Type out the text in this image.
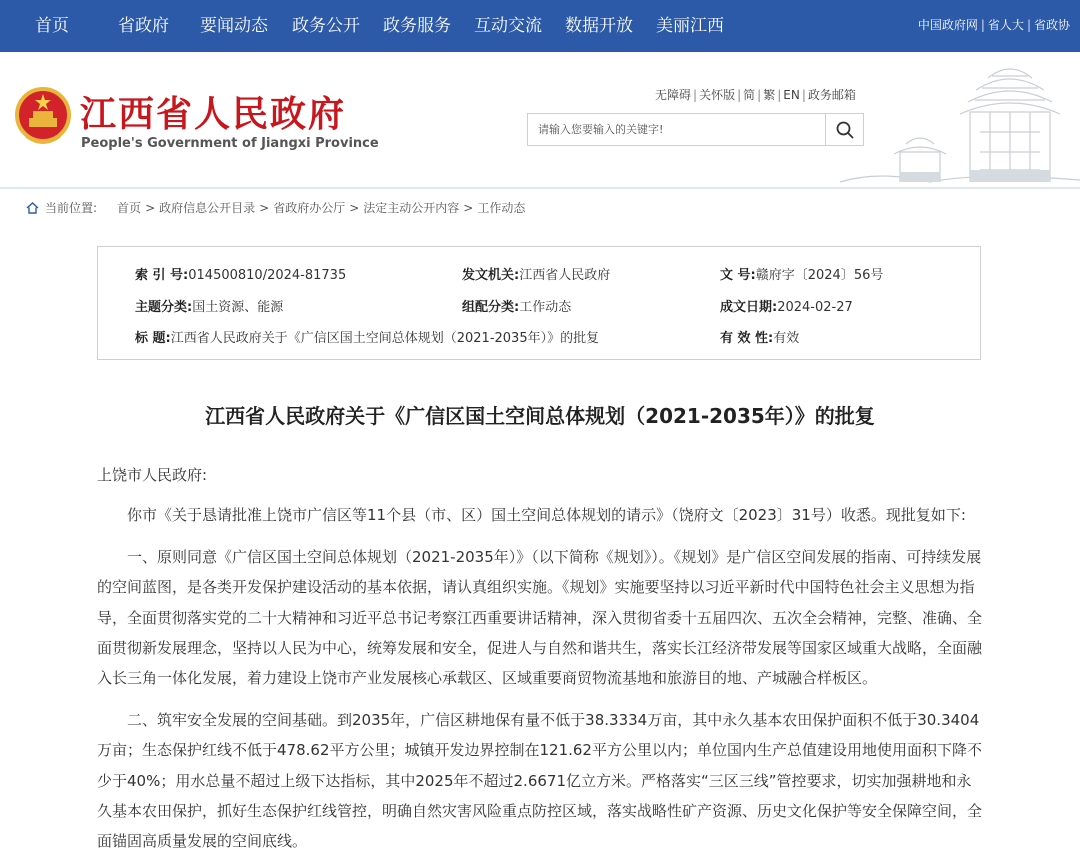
首页	省政府 要闻动态 政务公开 政务服务 互动交流 数据开放 美丽江西	中国政府网 | 省人大 | 省政协
江西省人民政府
People's Government of Jiangxi Province
无障碍 | 关怀版 | 简 | 繁 | EN | 政务邮箱
请输入您要输入的关键字!
当前位置: 首页 > 政府信息公开目录 > 省政府办公厅 > 法定主动公开内容 > 工作动态
索 引 号:014500810/2024-81735	发文机关:江西省人民政府	文 号:赣府字〔2024〕56号
主题分类:国土资源、能源	组配分类:工作动态	成文日期:2024-02-27
标 题:江西省人民政府关于《广信区国土空间总体规划（2021-2035年）》的批复	有 效 性:有效
江西省人民政府关于《广信区国土空间总体规划（2021-2035年）》的批复

上饶市人民政府:

你市《关于恳请批准上饶市广信区等11个县（市、区）国土空间总体规划的请示》（饶府文〔2023〕31号）收悉。现批复如下:

一、原则同意《广信区国土空间总体规划（2021-2035年）》（以下简称《规划》）。《规划》是广信区空间发展的指南、可持续发展的空间蓝图，是各类开发保护建设活动的基本依据，请认真组织实施。《规划》实施要坚持以习近平新时代中国特色社会主义思想为指导，全面贯彻落实党的二十大精神和习近平总书记考察江西重要讲话精神，深入贯彻省委十五届四次、五次全会精神，完整、准确、全面贯彻新发展理念，坚持以人民为中心，统筹发展和安全，促进人与自然和谐共生，落实长江经济带发展等国家区域重大战略，全面融入长三角一体化发展，着力建设上饶市产业发展核心承载区、区域重要商贸物流基地和旅游目的地、产城融合样板区。

二、筑牢安全发展的空间基础。到2035年，广信区耕地保有量不低于38.3334万亩，其中永久基本农田保护面积不低于30.3404万亩；生态保护红线不低于478.62平方公里；城镇开发边界控制在121.62平方公里以内；单位国内生产总值建设用地使用面积下降不少于40%；用水总量不超过上级下达指标，其中2025年不超过2.6671亿立方米。严格落实“三区三线”管控要求，切实加强耕地和永久基本农田保护，抓好生态保护红线管控，明确自然灾害风险重点防控区域，落实战略性矿产资源、历史文化保护等安全保障空间，全面锚固高质量发展的空间底线。
